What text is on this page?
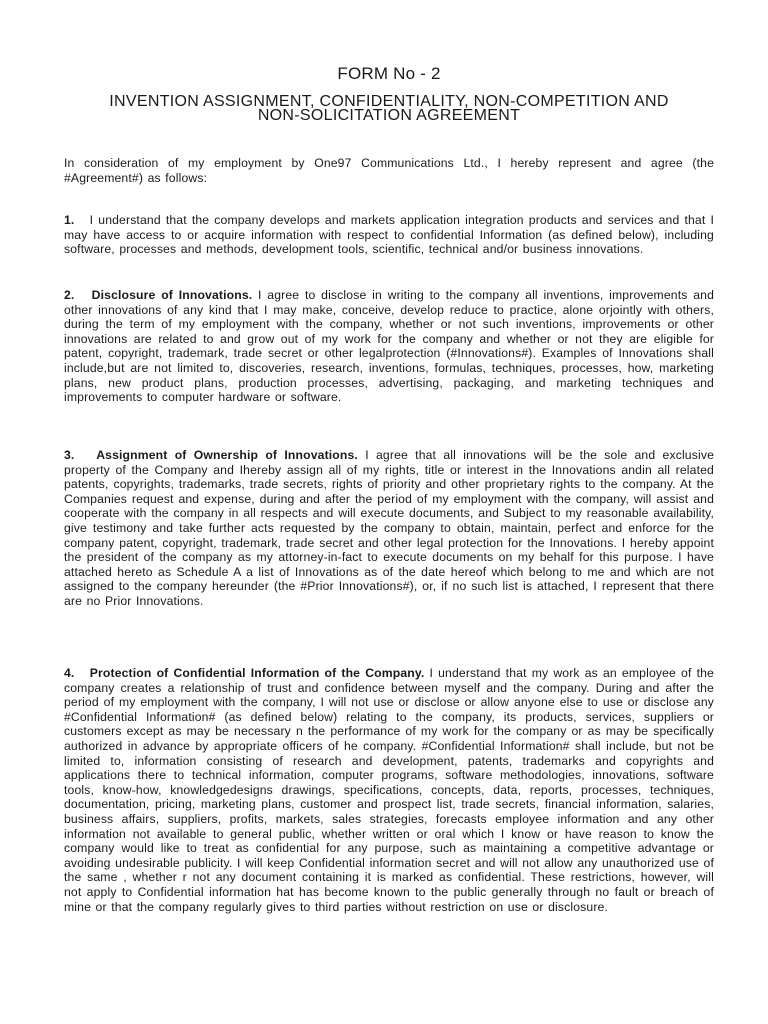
FORM No - 2
INVENTION ASSIGNMENT, CONFIDENTIALITY, NON-COMPETITION AND
NON-SOLICITATION AGREEMENT

In consideration of my employment by One97 Communications Ltd., I hereby represent and agree (the #Agreement#) as follows:

1. I understand that the company develops and markets application integration products and services and that I may have access to or acquire information with respect to confidential Information (as defined below), including software, processes and methods, development tools, scientific, technical and/or business innovations.

2. Disclosure of Innovations. I agree to disclose in writing to the company all inventions, improvements and other innovations of any kind that I may make, conceive, develop reduce to practice, alone orjointly with others, during the term of my employment with the company, whether or not such inventions, improvements or other innovations are related to and grow out of my work for the company and whether or not they are eligible for patent, copyright, trademark, trade secret or other legalprotection (#Innovations#). Examples of Innovations shall include,but are not limited to, discoveries, research, inventions, formulas, techniques, processes, how, marketing plans, new product plans, production processes, advertising, packaging, and marketing techniques and improvements to computer hardware or software.

3. Assignment of Ownership of Innovations. I agree that all innovations will be the sole and exclusive property of the Company and Ihereby assign all of my rights, title or interest in the Innovations andin all related patents, copyrights, trademarks, trade secrets, rights of priority and other proprietary rights to the company. At the Companies request and expense, during and after the period of my employment with the company, will assist and cooperate with the company in all respects and will execute documents, and Subject to my reasonable availability, give testimony and take further acts requested by the company to obtain, maintain, perfect and enforce for the company patent, copyright, trademark, trade secret and other legal protection for the Innovations. I hereby appoint the president of the company as my attorney-in-fact to execute documents on my behalf for this purpose. I have attached hereto as Schedule A a list of Innovations as of the date hereof which belong to me and which are not assigned to the company hereunder (the #Prior Innovations#), or, if no such list is attached, I represent that there are no Prior Innovations.

4. Protection of Confidential Information of the Company. I understand that my work as an employee of the company creates a relationship of trust and confidence between myself and the company. During and after the period of my employment with the company, I will not use or disclose or allow anyone else to use or disclose any #Confidential Information# (as defined below) relating to the company, its products, services, suppliers or customers except as may be necessary n the performance of my work for the company or as may be specifically authorized in advance by appropriate officers of he company. #Confidential Information# shall include, but not be limited to, information consisting of research and development, patents, trademarks and copyrights and applications there to technical information, computer programs, software methodologies, innovations, software tools, know-how, knowledgedesigns drawings, specifications, concepts, data, reports, processes, techniques, documentation, pricing, marketing plans, customer and prospect list, trade secrets, financial information, salaries, business affairs, suppliers, profits, markets, sales strategies, forecasts employee information and any other information not available to general public, whether written or oral which I know or have reason to know the company would like to treat as confidential for any purpose, such as maintaining a competitive advantage or avoiding undesirable publicity. I will keep Confidential information secret and will not allow any unauthorized use of the same , whether r not any document containing it is marked as confidential. These restrictions, however, will not apply to Confidential information hat has become known to the public generally through no fault or breach of mine or that the company regularly gives to third parties without restriction on use or disclosure.
